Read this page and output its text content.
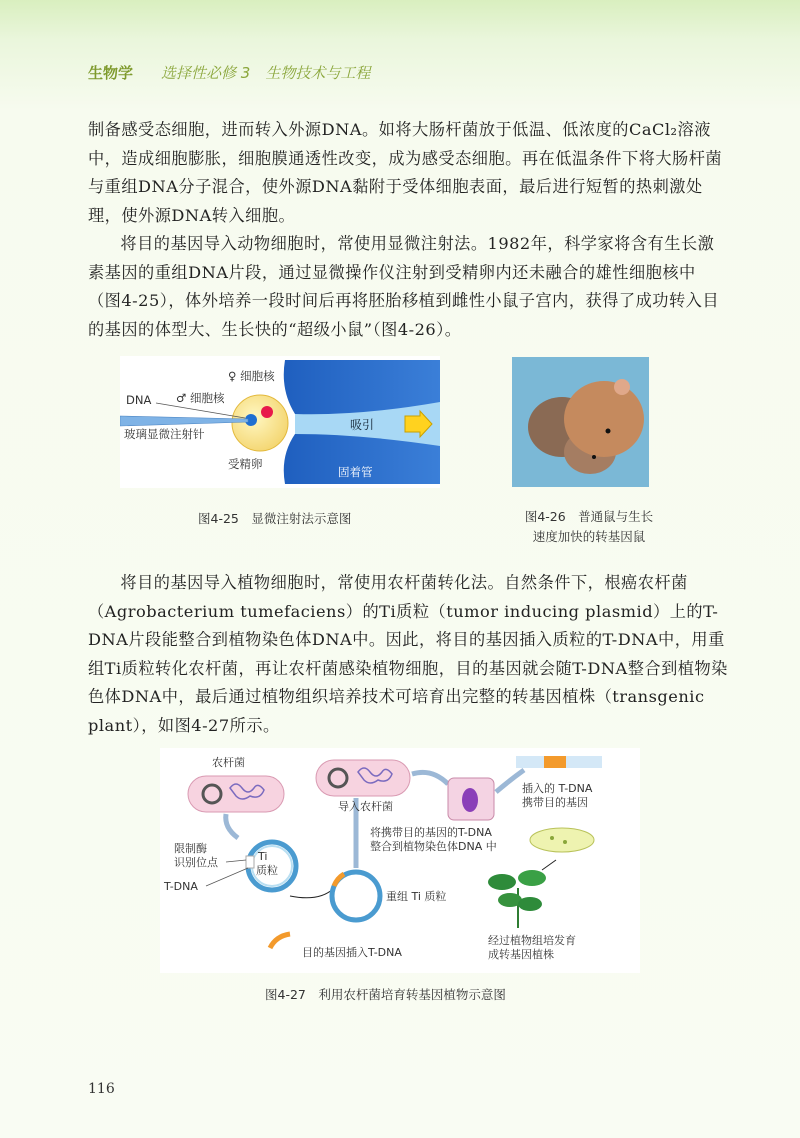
生物学 选择性必修 3　生物技术与工程

制备感受态细胞，进而转入外源DNA。如将大肠杆菌放于低温、低浓度的CaCl₂溶液中，造成细胞膨胀，细胞膜通透性改变，成为感受态细胞。再在低温条件下将大肠杆菌与重组DNA分子混合，使外源DNA黏附于受体细胞表面，最后进行短暂的热刺激处理，使外源DNA转入细胞。

将目的基因导入动物细胞时，常使用显微注射法。1982年，科学家将含有生长激素基因的重组DNA片段，通过显微操作仪注射到受精卵内还未融合的雄性细胞核中（图4-25），体外培养一段时间后再将胚胎移植到雌性小鼠子宫内，获得了成功转入目的基因的体型大、生长快的“超级小鼠”（图4-26）。

♀ 细胞核
♂ 细胞核
DNA
玻璃显微注射针
吸引
受精卵
固着管
图4-25　显微注射法示意图	图4-26　普通鼠与生长
速度加快的转基因鼠

将目的基因导入植物细胞时，常使用农杆菌转化法。自然条件下，根癌农杆菌（Agrobacterium tumefaciens）的Ti质粒（tumor inducing plasmid）上的T-DNA片段能整合到植物染色体DNA中。因此，将目的基因插入质粒的T-DNA中，用重组Ti质粒转化农杆菌，再让农杆菌感染植物细胞，目的基因就会随T-DNA整合到植物染色体DNA中，最后通过植物组织培养技术可培育出完整的转基因植株（transgenic plant），如图4-27所示。

农杆菌
Ti
质粒
限制酶
识别位点
T-DNA
重组 Ti 质粒
目的基因插入T-DNA
导入农杆菌
插入的 T-DNA
携带目的基因
将携带目的基因的T-DNA
整合到植物染色体DNA 中
经过植物组培发育
成转基因植株
图4-27　利用农杆菌培育转基因植物示意图
116
